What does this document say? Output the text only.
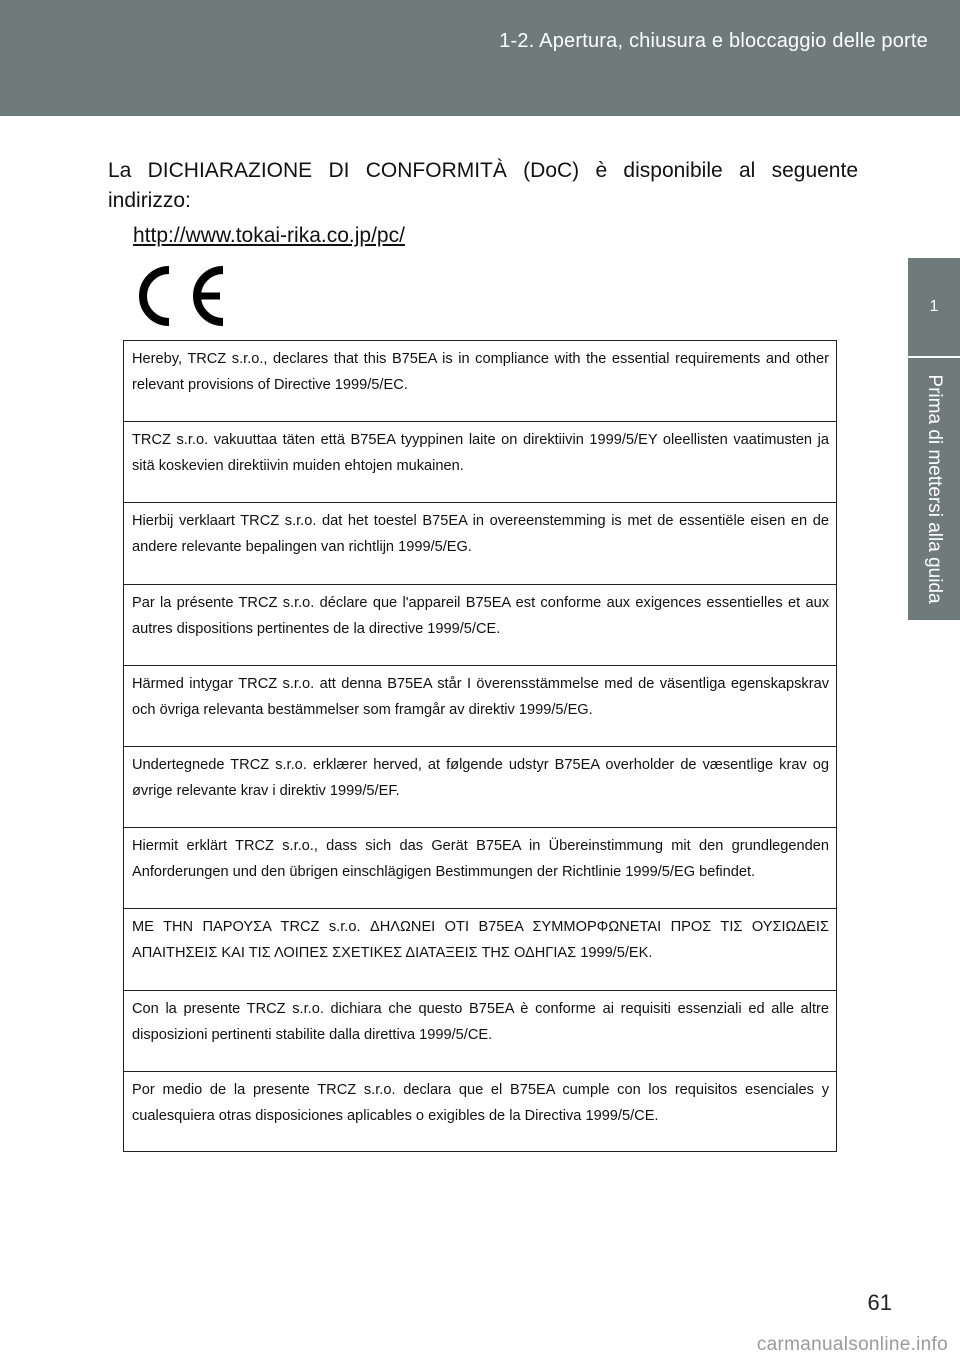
1-2. Apertura, chiusura e bloccaggio delle porte
1
Prima di mettersi alla guida

La DICHIARAZIONE DI CONFORMITÀ (DoC) è disponibile al seguente indirizzo:

http://www.tokai-rika.co.jp/pc/
Hereby, TRCZ s.r.o., declares that this B75EA is in compliance with the essential requirements and other relevant provisions of Directive 1999/5/EC.
TRCZ s.r.o. vakuuttaa täten että B75EA tyyppinen laite on direktiivin 1999/5/EY oleellisten vaatimusten ja sitä koskevien direktiivin muiden ehtojen mukainen.
Hierbij verklaart TRCZ s.r.o. dat het toestel B75EA in overeenstemming is met de essentiële eisen en de andere relevante bepalingen van richtlijn 1999/5/EG.
Par la présente TRCZ s.r.o. déclare que l'appareil B75EA est conforme aux exigences essentielles et aux autres dispositions pertinentes de la directive 1999/5/CE.
Härmed intygar TRCZ s.r.o. att denna B75EA står I överensstämmelse med de väsentliga egenskapskrav och övriga relevanta bestämmelser som framgår av direktiv 1999/5/EG.
Undertegnede TRCZ s.r.o. erklærer herved, at følgende udstyr B75EA overholder de væsentlige krav og øvrige relevante krav i direktiv 1999/5/EF.
Hiermit erklärt TRCZ s.r.o., dass sich das Gerät B75EA in Übereinstimmung mit den grundlegenden Anforderungen und den übrigen einschlägigen Bestimmungen der Richtlinie 1999/5/EG befindet.
ΜΕ ΤΗΝ ΠΑΡΟΥΣΑ TRCZ s.r.o. ΔΗΛΩΝΕΙ ΟΤΙ B75EA ΣΥΜΜΟΡΦΩΝΕΤΑΙ ΠΡΟΣ ΤΙΣ ΟΥΣΙΩΔΕΙΣ ΑΠΑΙΤΗΣΕΙΣ ΚΑΙ ΤΙΣ ΛΟΙΠΕΣ ΣΧΕΤΙΚΕΣ ΔΙΑΤΑΞΕΙΣ ΤΗΣ ΟΔΗΓΙΑΣ 1999/5/ΕΚ.
Con la presente TRCZ s.r.o. dichiara che questo B75EA è conforme ai requisiti essenziali ed alle altre disposizioni pertinenti stabilite dalla direttiva 1999/5/CE.
Por medio de la presente TRCZ s.r.o. declara que el B75EA cumple con los requisitos esenciales y cualesquiera otras disposiciones aplicables o exigibles de la Directiva 1999/5/CE.
61
carmanualsonline.info
